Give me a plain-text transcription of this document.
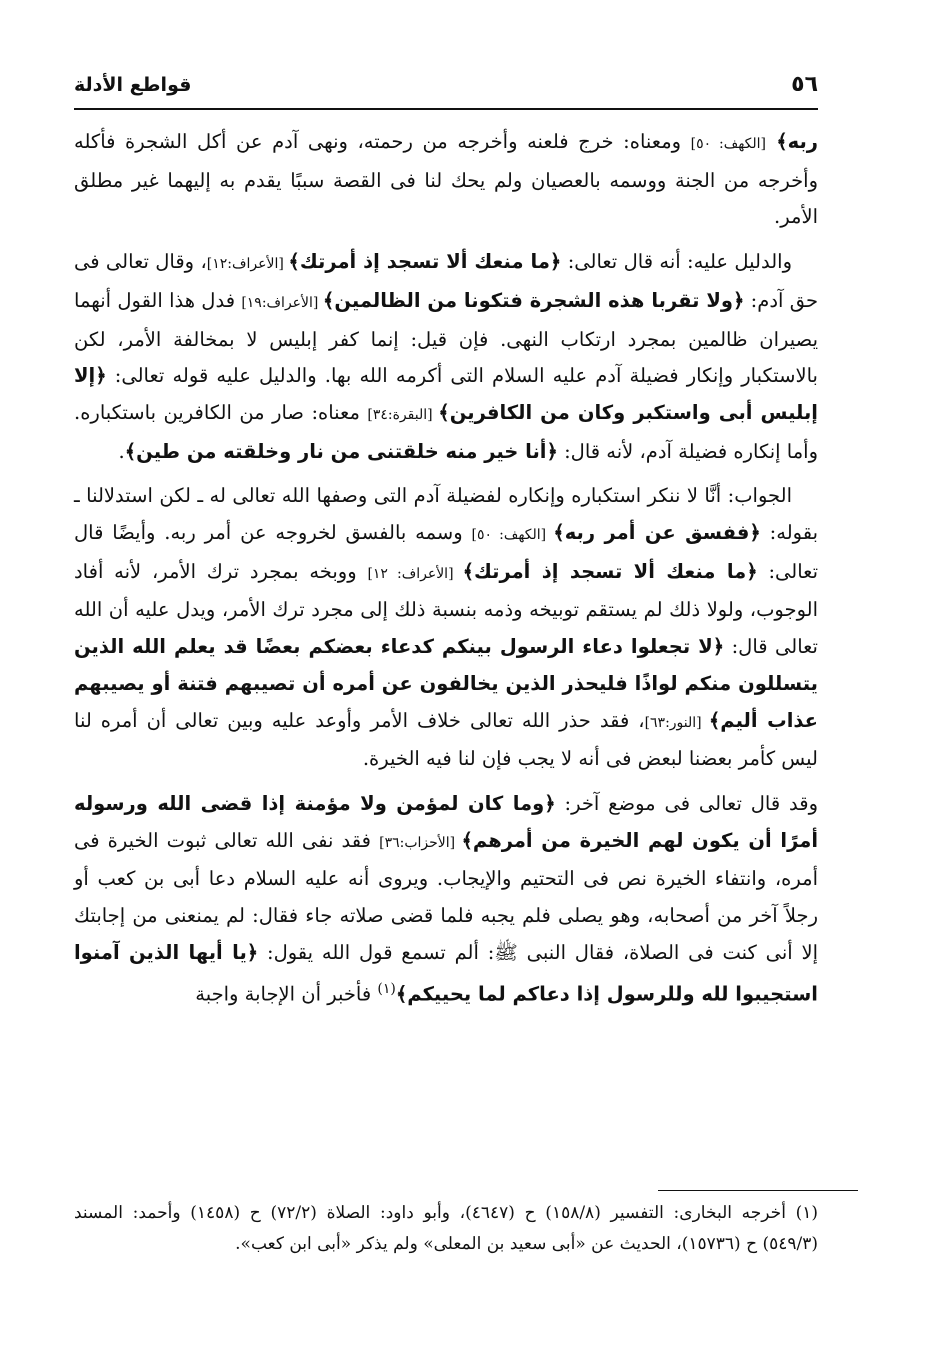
٥٦
قواطع الأدلة

ربه﴾ [الكهف: ٥٠] ومعناه: خرج فلعنه وأخرجه من رحمته، ونهى آدم عن أكل الشجرة فأكله وأخرجه من الجنة ووسمه بالعصيان ولم يحك لنا فى القصة سببًا يقدم به إليهما غير مطلق الأمر.

والدليل عليه: أنه قال تعالى: ﴿ما منعك ألا تسجد إذ أمرتك﴾ [الأعراف:١٢]، وقال تعالى فى حق آدم: ﴿ولا تقربا هذه الشجرة فتكونا من الظالمين﴾ [الأعراف:١٩] فدل هذا القول أنهما يصيران ظالمين بمجرد ارتكاب النهى. فإن قيل: إنما كفر إبليس لا بمخالفة الأمر، لكن بالاستكبار وإنكار فضيلة آدم عليه السلام التى أكرمه الله بها. والدليل عليه قوله تعالى: ﴿إلا إبليس أبى واستكبر وكان من الكافرين﴾ [البقرة:٣٤] معناه: صار من الكافرين باستكباره. وأما إنكاره فضيلة آدم، لأنه قال: ﴿أنا خير منه خلقتنى من نار وخلقته من طين﴾.

الجواب: أنَّا لا ننكر استكباره وإنكاره لفضيلة آدم التى وصفها الله تعالى له ـ لكن استدلالنا ـ بقوله: ﴿ففسق عن أمر ربه﴾ [الكهف: ٥٠] وسمه بالفسق لخروجه عن أمر ربه. وأيضًا قال تعالى: ﴿ما منعك ألا تسجد إذ أمرتك﴾ [الأعراف: ١٢] ووبخه بمجرد ترك الأمر، لأنه أفاد الوجوب، ولولا ذلك لم يستقم توبيخه وذمه بنسبة ذلك إلى مجرد ترك الأمر، ويدل عليه أن الله تعالى قال: ﴿لا تجعلوا دعاء الرسول بينكم كدعاء بعضكم بعضًا قد يعلم الله الذين يتسللون منكم لواذًا فليحذر الذين يخالفون عن أمره أن تصيبهم فتنة أو يصيبهم عذاب أليم﴾ [النور:٦٣]، فقد حذر الله تعالى خلاف الأمر وأوعد عليه وبين تعالى أن أمره لنا ليس كأمر بعضنا لبعض فى أنه لا يجب فإن لنا فيه الخيرة.

وقد قال تعالى فى موضع آخر: ﴿وما كان لمؤمن ولا مؤمنة إذا قضى الله ورسوله أمرًا أن يكون لهم الخيرة من أمرهم﴾ [الأحزاب:٣٦] فقد نفى الله تعالى ثبوت الخيرة فى أمره، وانتفاء الخيرة نص فى التحتيم والإيجاب. ويروى أنه عليه السلام دعا أبى بن كعب أو رجلاً آخر من أصحابه، وهو يصلى فلم يجبه فلما قضى صلاته جاء فقال: لم يمنعنى من إجابتك إلا أنى كنت فى الصلاة، فقال النبى ﷺ: ألم تسمع قول الله يقول: ﴿يا أيها الذين آمنوا استجيبوا لله وللرسول إذا دعاكم لما يحييكم﴾$^{(١)}$ فأخبر أن الإجابة واجبة

(١) أخرجه البخارى: التفسير (١٥٨/٨) ح (٤٦٤٧)، وأبو داود: الصلاة (٧٢/٢) ح (١٤٥٨) وأحمد: المسند (٥٤٩/٣) ح (١٥٧٣٦)، الحديث عن «أبى سعيد بن المعلى» ولم يذكر «أبى ابن كعب».
